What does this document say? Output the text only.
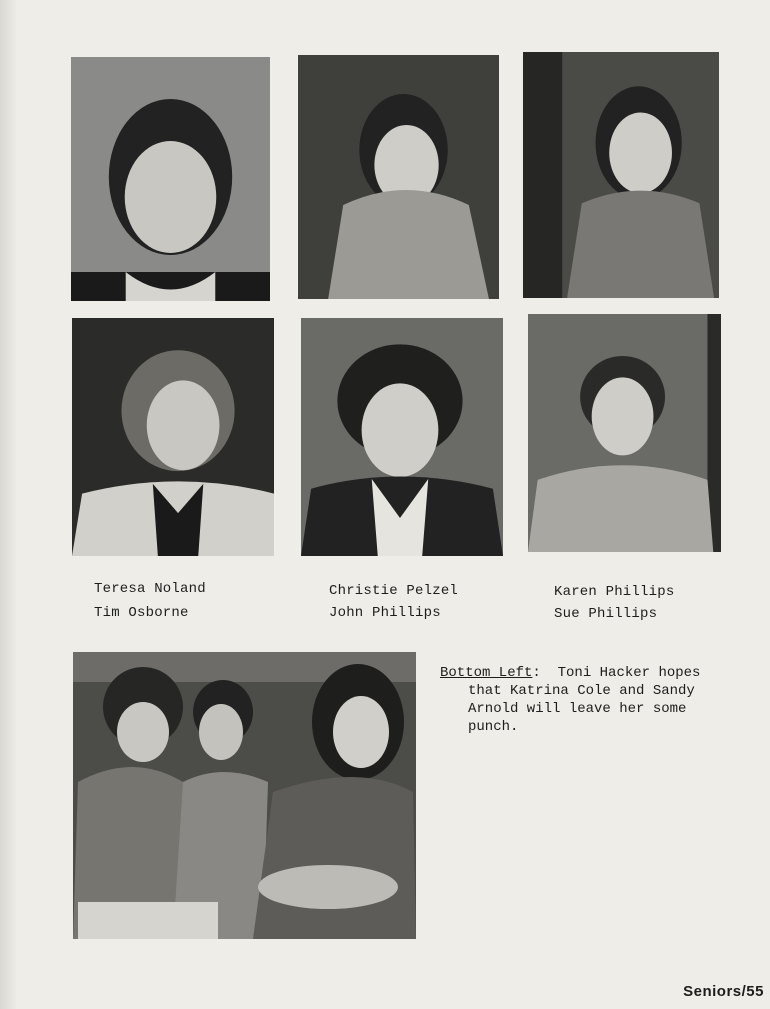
Teresa Noland
Tim Osborne
Christie Pelzel
John Phillips
Karen Phillips
Sue Phillips
Bottom Left:  Toni Hacker hopes
that Katrina Cole and Sandy
Arnold will leave her some
punch.
Seniors/55
